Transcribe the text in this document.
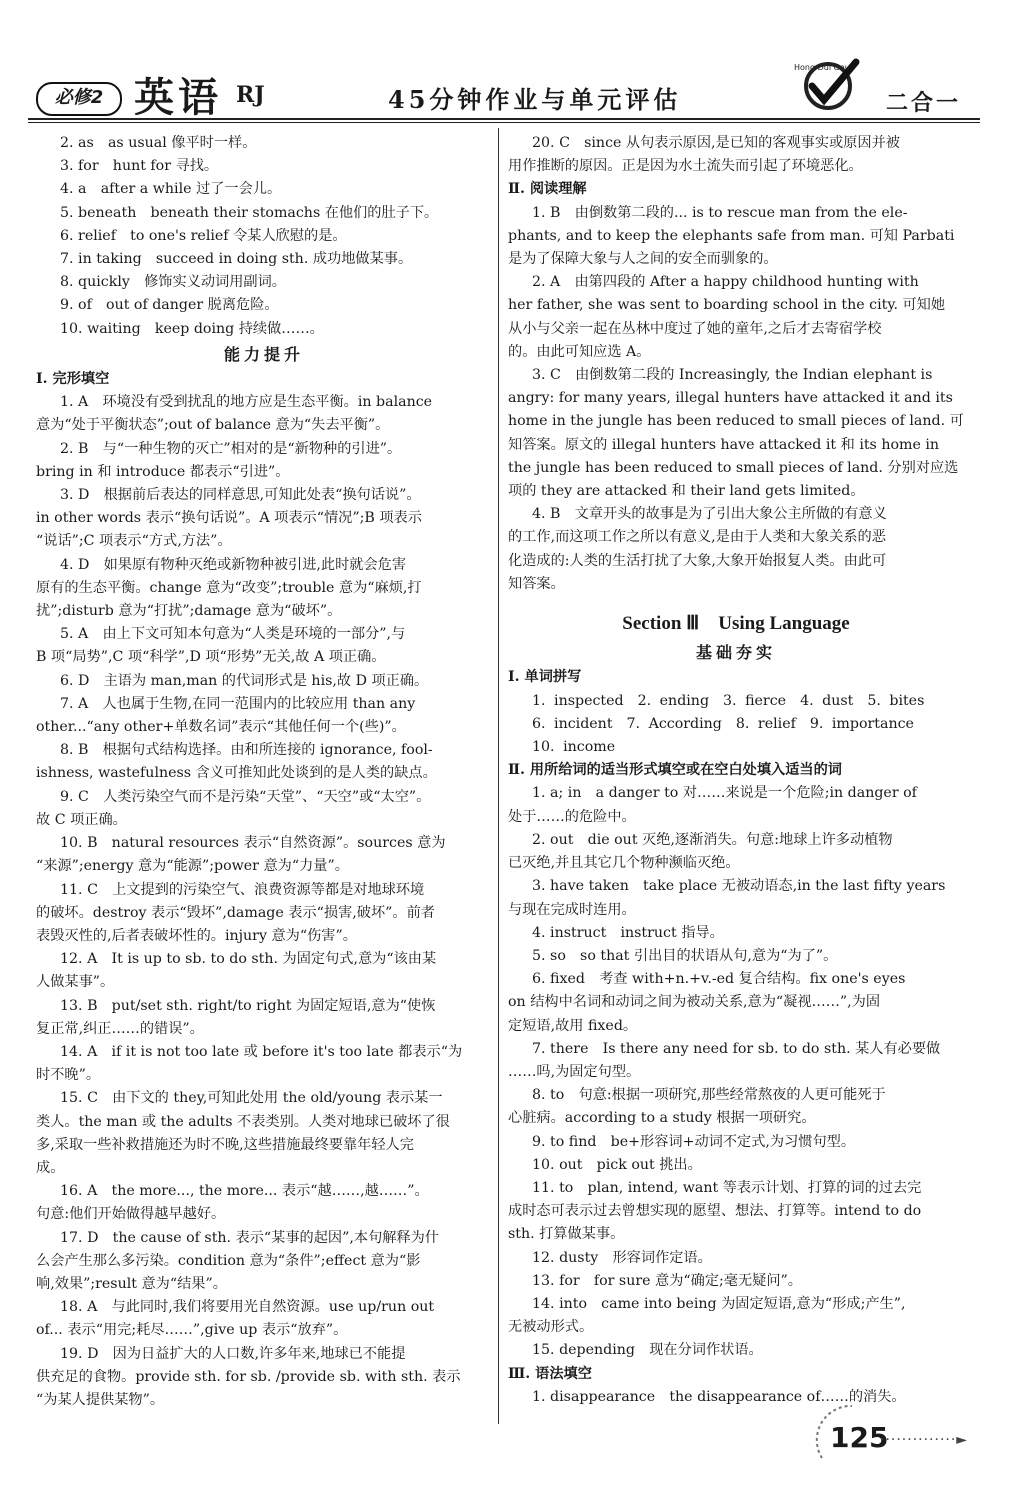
必修2 英语 RJ	45分钟作业与单元评估
Hong Dui Gou
二合一
2. as　as usual 像平时一样。
3. for　hunt for 寻找。
4. a　after a while 过了一会儿。
5. beneath　beneath their stomachs 在他们的肚子下。
6. relief　to one's relief 令某人欣慰的是。
7. in taking　succeed in doing sth. 成功地做某事。
8. quickly　修饰实义动词用副词。
9. of　out of danger 脱离危险。
10. waiting　keep doing 持续做……。
能力提升
Ⅰ. 完形填空
1. A　环境没有受到扰乱的地方应是生态平衡。in balance
意为“处于平衡状态”;out of balance 意为“失去平衡”。
2. B　与“一种生物的灭亡”相对的是“新物种的引进”。
bring in 和 introduce 都表示“引进”。
3. D　根据前后表达的同样意思,可知此处表“换句话说”。
in other words 表示“换句话说”。A 项表示“情况”;B 项表示
“说话”;C 项表示“方式,方法”。
4. D　如果原有物种灭绝或新物种被引进,此时就会危害
原有的生态平衡。change 意为“改变”;trouble 意为“麻烦,打
扰”;disturb 意为“打扰”;damage 意为“破坏”。
5. A　由上下文可知本句意为“人类是环境的一部分”,与
B 项“局势”,C 项“科学”,D 项“形势”无关,故 A 项正确。
6. D　主语为 man,man 的代词形式是 his,故 D 项正确。
7. A　人也属于生物,在同一范围内的比较应用 than any
other...“any other+单数名词”表示“其他任何一个(些)”。
8. B　根据句式结构选择。由和所连接的 ignorance, fool-
ishness, wastefulness 含义可推知此处谈到的是人类的缺点。
9. C　人类污染空气而不是污染“天堂”、“天空”或“太空”。
故 C 项正确。
10. B　natural resources 表示“自然资源”。sources 意为
“来源”;energy 意为“能源”;power 意为“力量”。
11. C　上文提到的污染空气、浪费资源等都是对地球环境
的破坏。destroy 表示“毁坏”,damage 表示“损害,破坏”。前者
表毁灭性的,后者表破坏性的。injury 意为“伤害”。
12. A　It is up to sb. to do sth. 为固定句式,意为“该由某
人做某事”。
13. B　put/set sth. right/to right 为固定短语,意为“使恢
复正常,纠正……的错误”。
14. A　if it is not too late 或 before it's too late 都表示“为
时不晚”。
15. C　由下文的 they,可知此处用 the old/young 表示某一
类人。the man 或 the adults 不表类别。人类对地球已破坏了很
多,采取一些补救措施还为时不晚,这些措施最终要靠年轻人完
成。
16. A　the more..., the more... 表示“越……,越……”。
句意:他们开始做得越早越好。
17. D　the cause of sth. 表示“某事的起因”,本句解释为什
么会产生那么多污染。condition 意为“条件”;effect 意为“影
响,效果”;result 意为“结果”。
18. A　与此同时,我们将要用光自然资源。use up/run out
of... 表示“用完;耗尽……”,give up 表示“放弃”。
19. D　因为日益扩大的人口数,许多年来,地球已不能提
供充足的食物。provide sth. for sb. /provide sb. with sth. 表示
“为某人提供某物”。
20. C　since 从句表示原因,是已知的客观事实或原因并被
用作推断的原因。正是因为水土流失而引起了环境恶化。
Ⅱ. 阅读理解
1. B　由倒数第二段的... is to rescue man from the ele-
phants, and to keep the elephants safe from man. 可知 Parbati
是为了保障大象与人之间的安全而驯象的。
2. A　由第四段的 After a happy childhood hunting with
her father, she was sent to boarding school in the city. 可知她
从小与父亲一起在丛林中度过了她的童年,之后才去寄宿学校
的。由此可知应选 A。
3. C　由倒数第二段的 Increasingly, the Indian elephant is
angry: for many years, illegal hunters have attacked it and its
home in the jungle has been reduced to small pieces of land. 可
知答案。原文的 illegal hunters have attacked it 和 its home in
the jungle has been reduced to small pieces of land. 分别对应选
项的 they are attacked 和 their land gets limited。
4. B　文章开头的故事是为了引出大象公主所做的有意义
的工作,而这项工作之所以有意义,是由于人类和大象关系的恶
化造成的:人类的生活打扰了大象,大象开始报复人类。由此可
知答案。
Section Ⅲ　Using Language
基础夯实
Ⅰ. 单词拼写
1. inspected 2. ending 3. fierce 4. dust 5. bites
6. incident 7. According 8. relief 9. importance
10. income
Ⅱ. 用所给词的适当形式填空或在空白处填入适当的词
1. a; in　a danger to 对……来说是一个危险;in danger of
处于……的危险中。
2. out　die out 灭绝,逐渐消失。句意:地球上许多动植物
已灭绝,并且其它几个物种濒临灭绝。
3. have taken　take place 无被动语态,in the last fifty years
与现在完成时连用。
4. instruct　instruct 指导。
5. so　so that 引出目的状语从句,意为“为了”。
6. fixed　考查 with+n.+v.-ed 复合结构。fix one's eyes
on 结构中名词和动词之间为被动关系,意为“凝视……”,为固
定短语,故用 fixed。
7. there　Is there any need for sb. to do sth. 某人有必要做
……吗,为固定句型。
8. to　句意:根据一项研究,那些经常熬夜的人更可能死于
心脏病。according to a study 根据一项研究。
9. to find　be+形容词+动词不定式,为习惯句型。
10. out　pick out 挑出。
11. to　plan, intend, want 等表示计划、打算的词的过去完
成时态可表示过去曾想实现的愿望、想法、打算等。intend to do
sth. 打算做某事。
12. dusty　形容词作定语。
13. for　for sure 意为“确定;毫无疑问”。
14. into　came into being 为固定短语,意为“形成;产生”,
无被动形式。
15. depending　现在分词作状语。
Ⅲ. 语法填空
1. disappearance　the disappearance of……的消失。
125
··············►
